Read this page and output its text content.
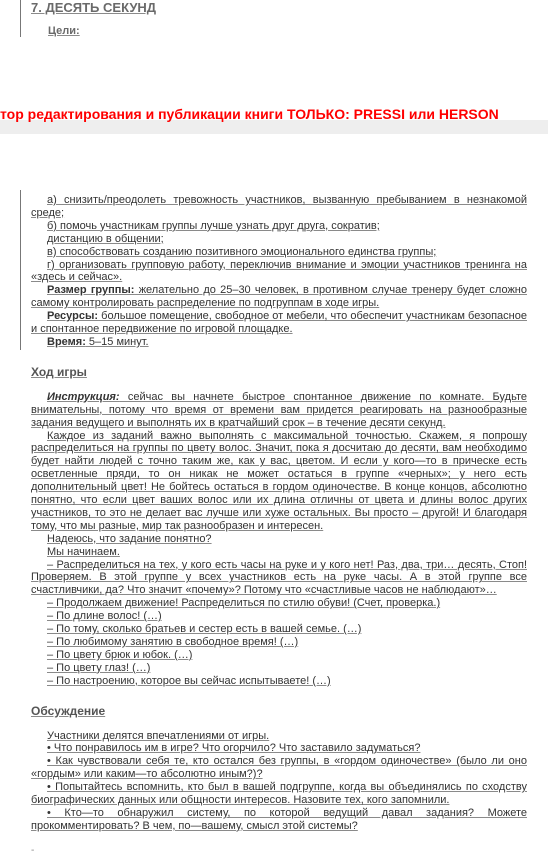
7. ДЕСЯТЬ СЕКУНД
Цели:
тор редактирования и публикации книги ТОЛЬКО: PRESSI или HERSON

а) снизить/преодолеть тревожность участников, вызванную пребыванием в незнакомой среде;

б) помочь участникам группы лучше узнать друг друга, сократив;

дистанцию в общении;

в) способствовать созданию позитивного эмоционального единства группы;

г) организовать групповую работу, переключив внимание и эмоции участников тренинга на «здесь и сейчас».

Размер группы: желательно до 25–30 человек, в противном случае тренеру будет сложно самому контролировать распределение по подгруппам в ходе игры.

Ресурсы: большое помещение, свободное от мебели, что обеспечит участникам безопасное и спонтанное передвижение по игровой площадке.

Время: 5–15 минут.

Ход игры

Инструкция: сейчас вы начнете быстрое спонтанное движение по комнате. Будьте внимательны, потому что время от времени вам придется реагировать на разнообразные задания ведущего и выполнять их в кратчайший срок – в течение десяти секунд.

Каждое из заданий важно выполнять с максимальной точностью. Скажем, я попрошу распределиться на группы по цвету волос. Значит, пока я досчитаю до десяти, вам необходимо будет найти людей с точно таким же, как у вас, цветом. И если у кого—то в прическе есть осветленные пряди, то он никак не может остаться в группе «черных»; у него есть дополнительный цвет! Не бойтесь остаться в гордом одиночестве. В конце концов, абсолютно понятно, что если цвет ваших волос или их длина отличны от цвета и длины волос других участников, то это не делает вас лучше или хуже остальных. Вы просто – другой! И благодаря тому, что мы разные, мир так разнообразен и интересен.

Надеюсь, что задание понятно?

Мы начинаем.

– Распределиться на тех, у кого есть часы на руке и у кого нет! Раз, два, три… десять, Стоп! Проверяем. В этой группе у всех участников есть на руке часы. А в этой группе все счастливчики, да? Что значит «почему»? Потому что «счастливые часов не наблюдают»…

– Продолжаем движение! Распределиться по стилю обуви! (Счет, проверка.)

– По длине волос! (…)

– По тому, сколько братьев и сестер есть в вашей семье. (…)

– По любимому занятию в свободное время! (…)

– По цвету брюк и юбок. (…)

– По цвету глаз! (…)

– По настроению, которое вы сейчас испытываете! (…)

Обсуждение

Участники делятся впечатлениями от игры.

• Что понравилось им в игре? Что огорчило? Что заставило задуматься?

• Как чувствовали себя те, кто остался без группы, в «гордом одиночестве» (было ли оно «гордым» или каким—то абсолютно иным?)?

• Попытайтесь вспомнить, кто был в вашей подгруппе, когда вы объединялись по сходству биографических данных или общности интересов. Назовите тех, кого запомнили.

• Кто—то обнаружил систему, по которой ведущий давал задания? Можете прокомментировать? В чем, по—вашему, смысл этой системы?

-
